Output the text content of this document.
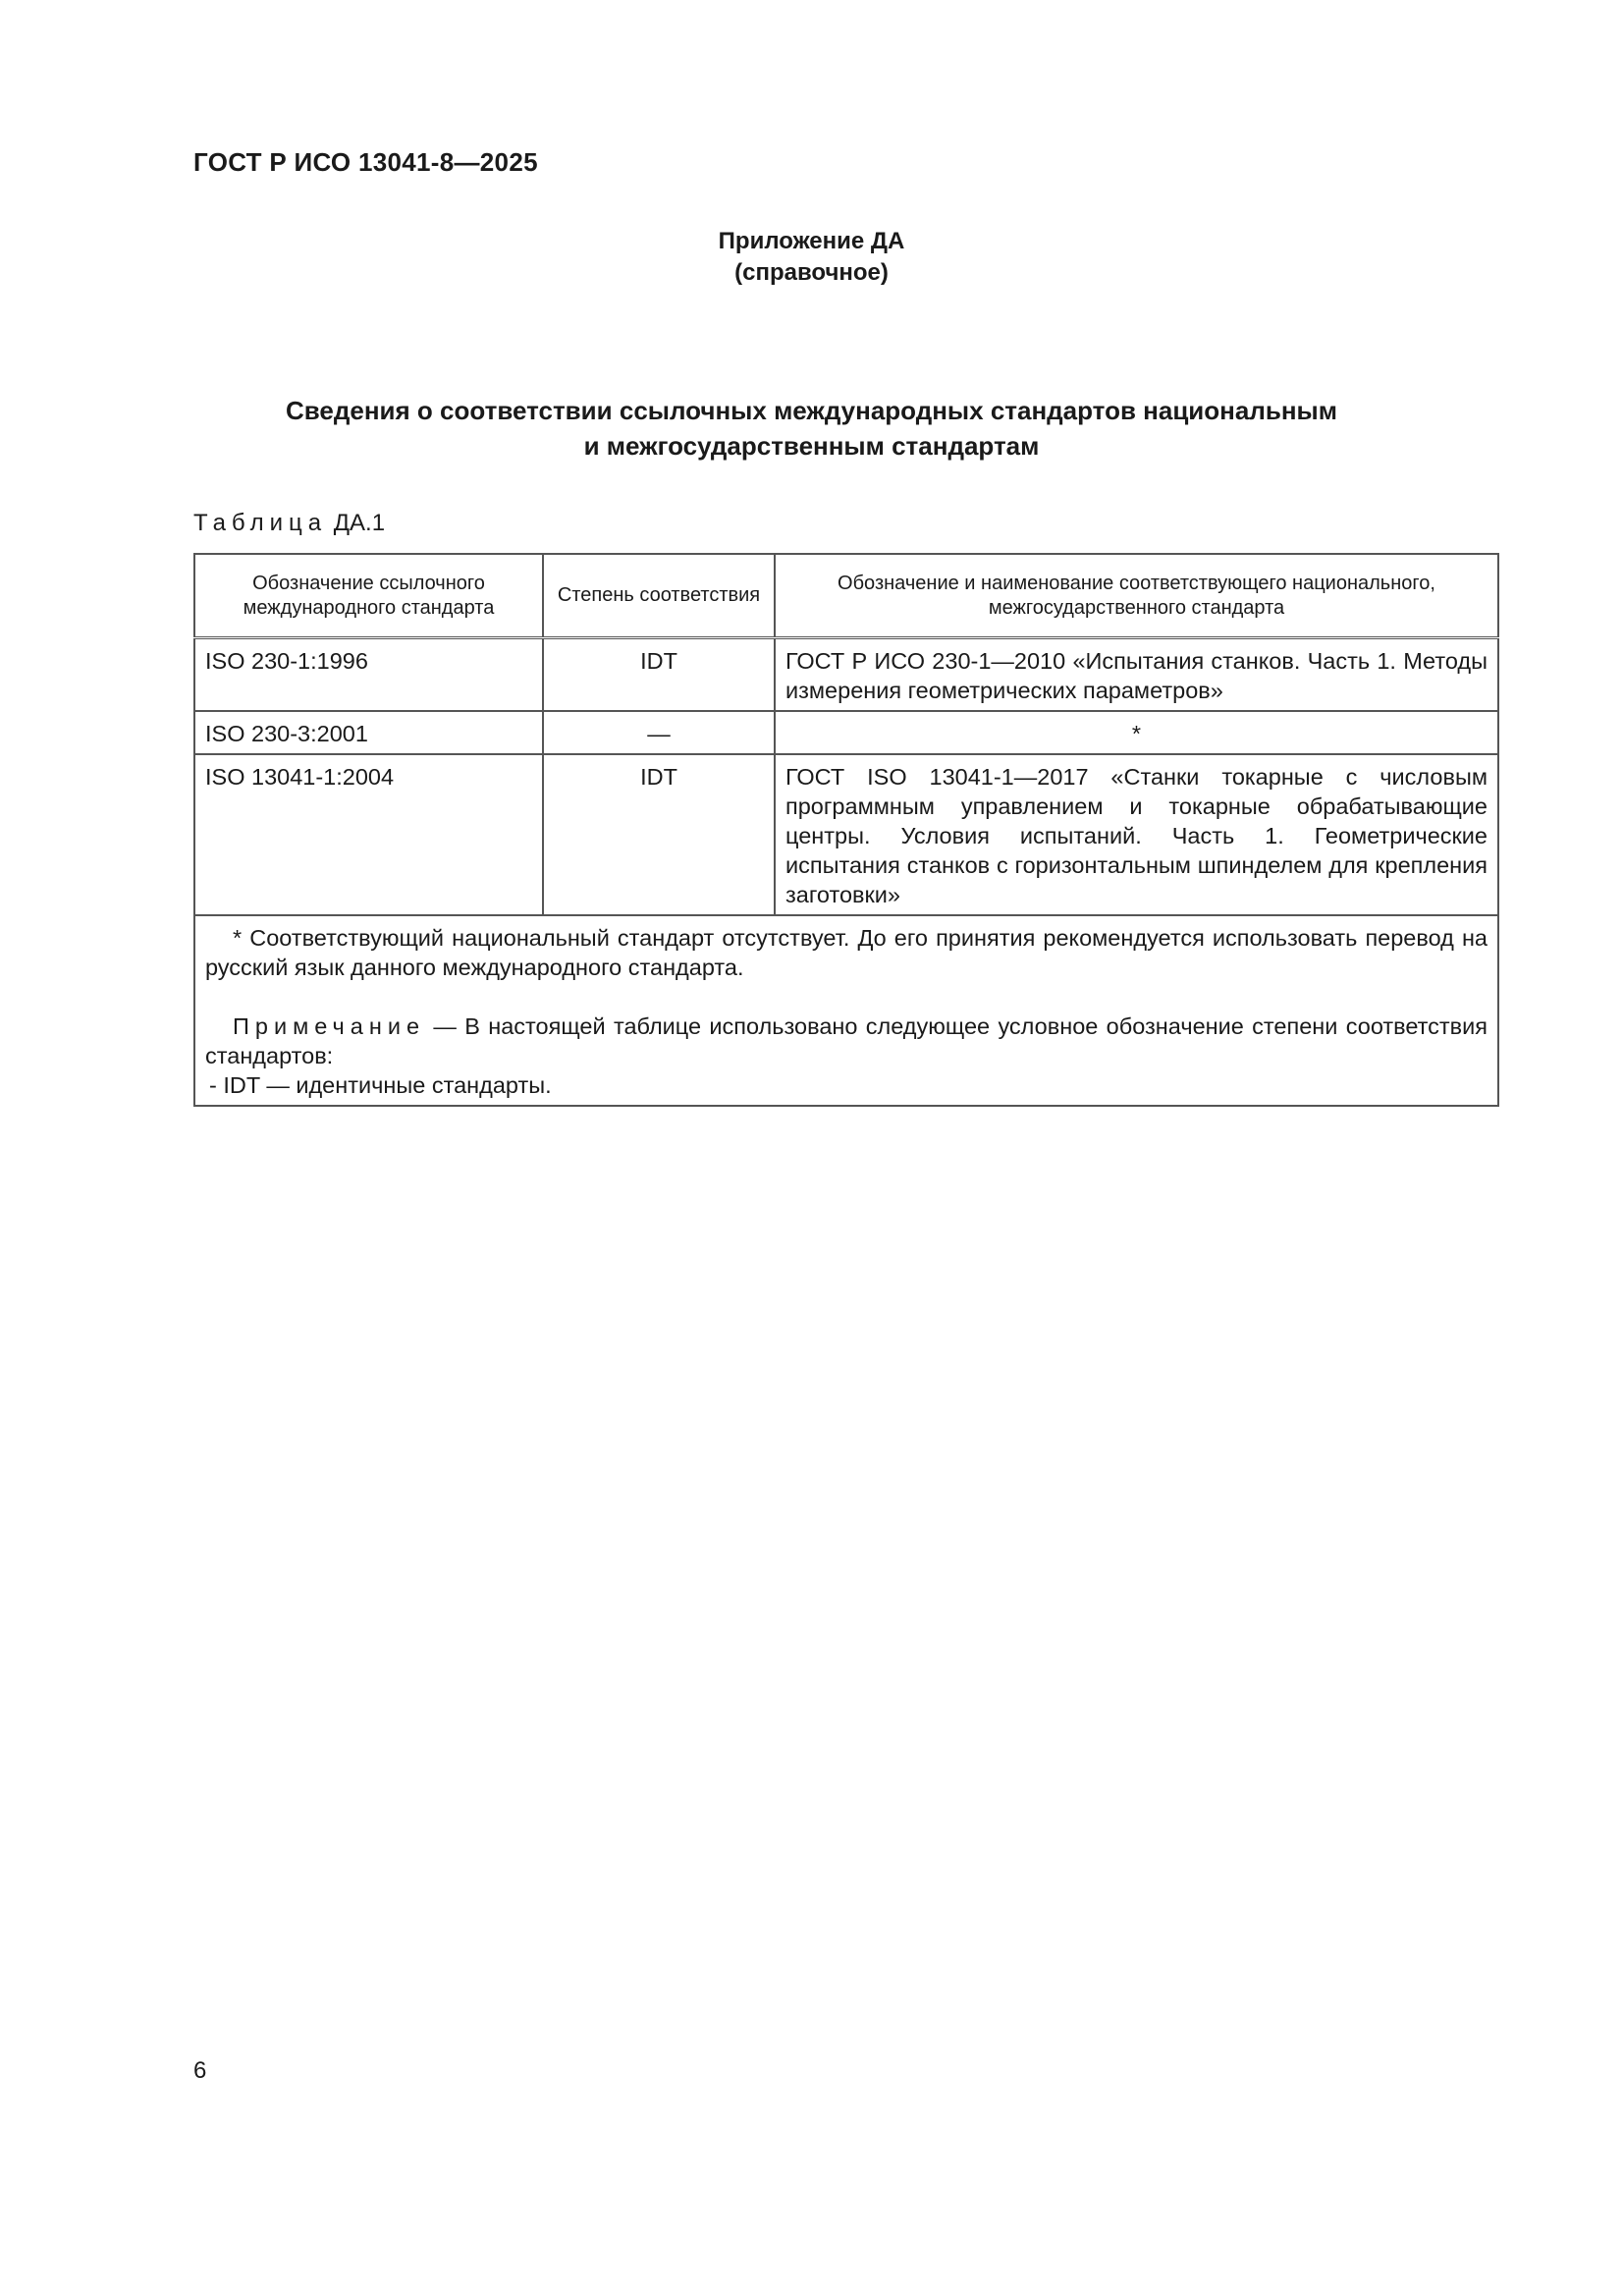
ГОСТ Р ИСО 13041-8—2025
Приложение ДА
(справочное)
Сведения о соответствии ссылочных международных стандартов национальным
и межгосударственным стандартам
Таблица ДА.1
Обозначение ссылочного международного стандарта	Степень соответствия	Обозначение и наименование соответствующего национального, межгосударственного стандарта
ISO 230-1:1996	IDT	ГОСТ Р ИСО 230-1—2010 «Испытания станков. Часть 1. Методы измерения геометрических параметров»
ISO 230-3:2001	—	*
ISO 13041-1:2004	IDT	ГОСТ ISO 13041-1—2017 «Станки токарные с числовым программным управлением и токарные обрабатывающие центры. Условия испытаний. Часть 1. Геометрические испытания станков с горизонтальным шпинделем для крепления заготовки»

* Соответствующий национальный стандарт отсутствует. До его принятия рекомендуется использовать перевод на русский язык данного международного стандарта.

Примечание — В настоящей таблице использовано следующее условное обозначение степени соответствия стандартов:

- IDT — идентичные стандарты.		

6
